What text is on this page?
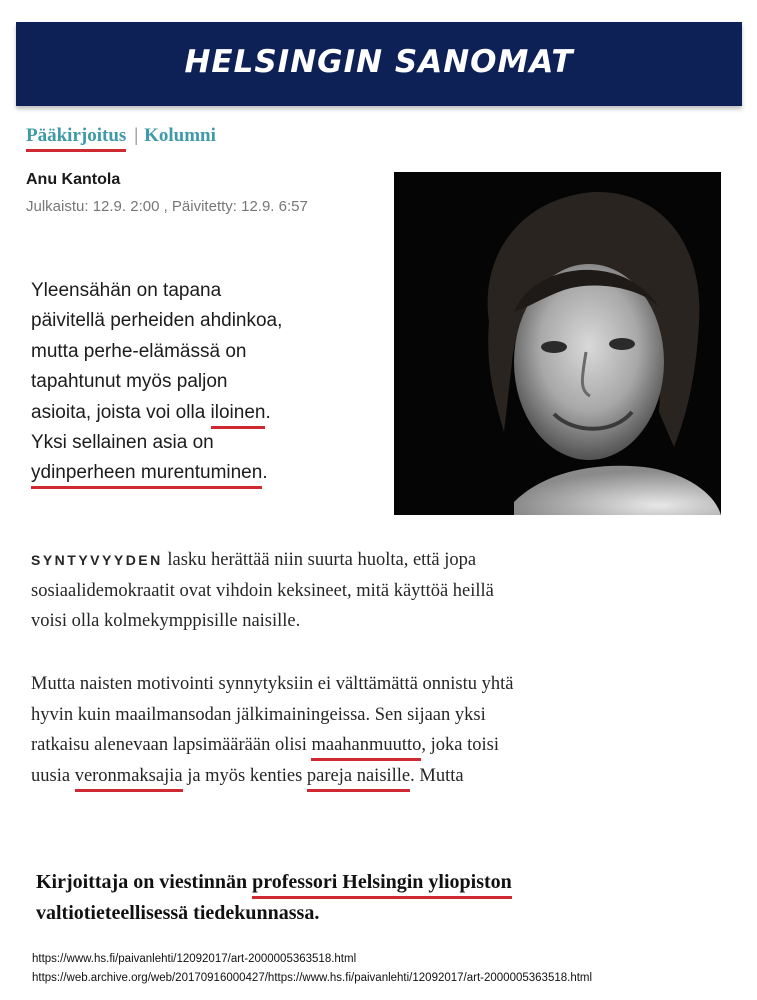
HELSINGIN SANOMAT
Pääkirjoitus | Kolumni
Anu Kantola
Julkaistu: 12.9. 2:00 , Päivitetty: 12.9. 6:57
Yleensähän on tapana
päivitellä perheiden ahdinkoa,
mutta perhe-elämässä on
tapahtunut myös paljon
asioita, joista voi olla iloinen.
Yksi sellainen asia on
ydinperheen murentuminen.
SYNTYVYYDEN lasku herättää niin suurta huolta, että jopa
sosiaalidemokraatit ovat vihdoin keksineet, mitä käyttöä heillä
voisi olla kolmekymppisille naisille.
Mutta naisten motivointi synnytyksiin ei välttämättä onnistu yhtä
hyvin kuin maailmansodan jälkimainingeissa. Sen sijaan yksi
ratkaisu alenevaan lapsimäärään olisi maahanmuutto, joka toisi
uusia veronmaksajia ja myös kenties pareja naisille. Mutta
Kirjoittaja on viestinnän professori Helsingin yliopiston
valtiotieteellisessä tiedekunnassa.
https://www.hs.fi/paivanlehti/12092017/art-2000005363518.html
https://web.archive.org/web/20170916000427/https://www.hs.fi/paivanlehti/12092017/art-2000005363518.html
